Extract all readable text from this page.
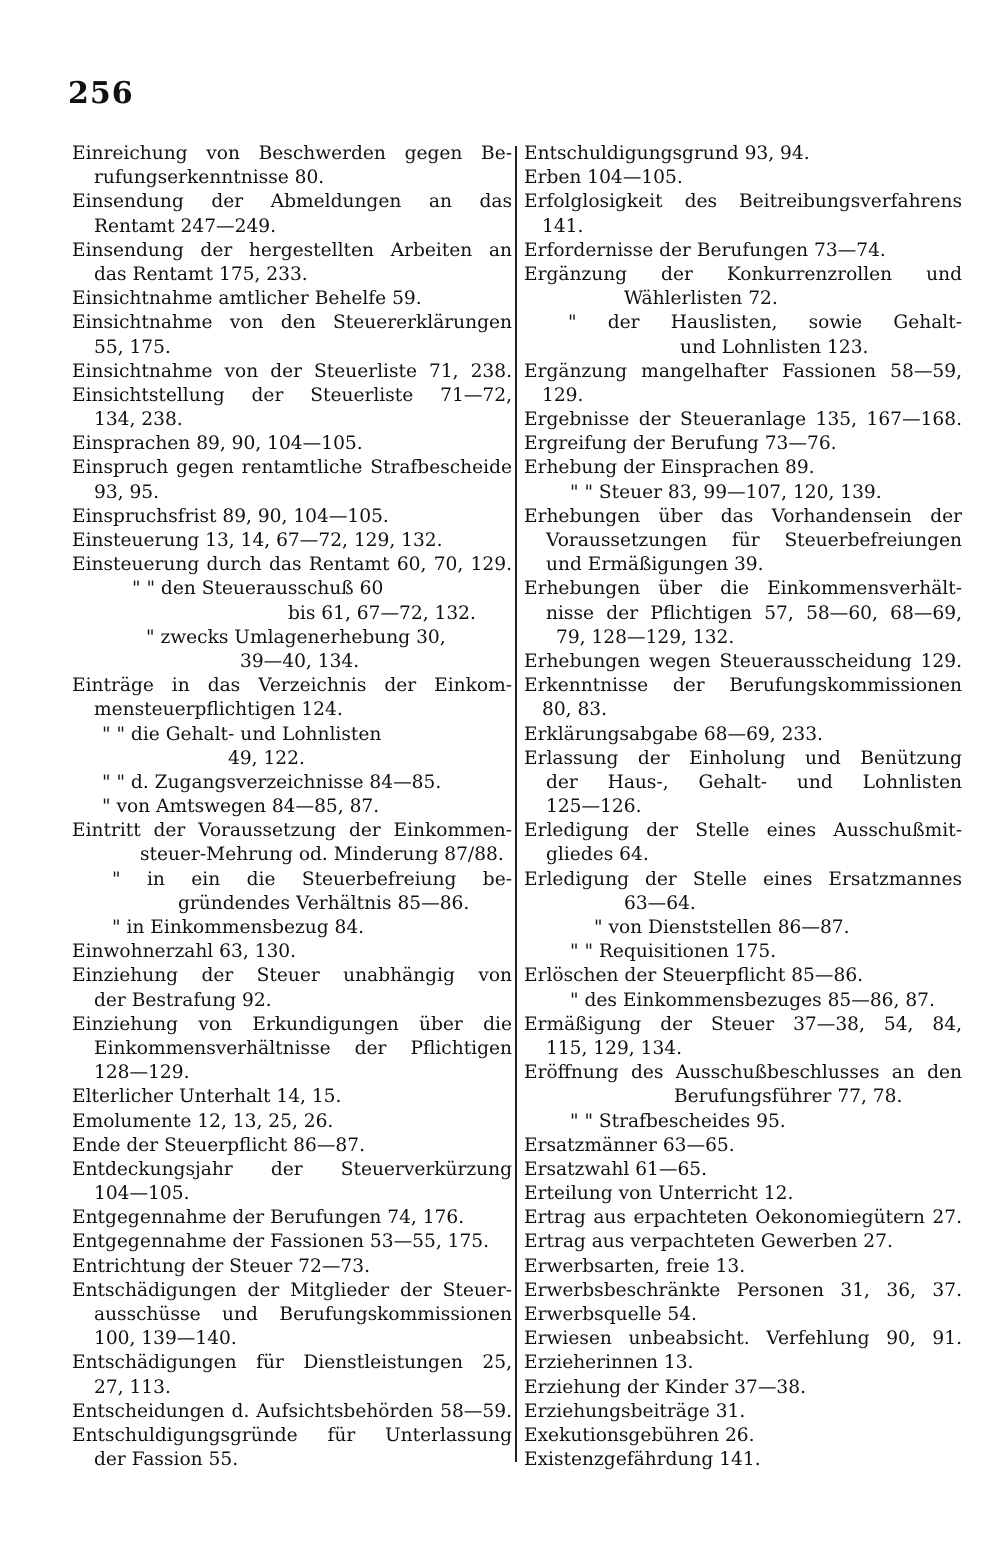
256
Einreichung von Beschwerden gegen Be-
rufungserkenntnisse 80.
Einsendung der Abmeldungen an das
Rentamt 247—249.
Einsendung der hergestellten Arbeiten an
das Rentamt 175, 233.
Einsichtnahme amtlicher Behelfe 59.
Einsichtnahme von den Steuererklärungen
55, 175.
Einsichtnahme von der Steuerliste 71, 238.
Einsichtstellung der Steuerliste 71—72,
134, 238.
Einsprachen 89, 90, 104—105.
Einspruch gegen rentamtliche Strafbescheide
93, 95.
Einspruchsfrist 89, 90, 104—105.
Einsteuerung 13, 14, 67—72, 129, 132.
Einsteuerung durch das Rentamt 60, 70, 129.
" " den Steuerausschuß 60
bis 61, 67—72, 132.
" zwecks Umlagenerhebung 30,
39—40, 134.
Einträge in das Verzeichnis der Einkom-
mensteuerpflichtigen 124.
" " die Gehalt- und Lohnlisten
49, 122.
" " d. Zugangsverzeichnisse 84—85.
" von Amtswegen 84—85, 87.
Eintritt der Voraussetzung der Einkommen-
steuer-Mehrung od. Minderung 87/88.
" in ein die Steuerbefreiung be-
gründendes Verhältnis 85—86.
" in Einkommensbezug 84.
Einwohnerzahl 63, 130.
Einziehung der Steuer unabhängig von
der Bestrafung 92.
Einziehung von Erkundigungen über die
Einkommensverhältnisse der Pflichtigen
128—129.
Elterlicher Unterhalt 14, 15.
Emolumente 12, 13, 25, 26.
Ende der Steuerpflicht 86—87.
Entdeckungsjahr der Steuerverkürzung
104—105.
Entgegennahme der Berufungen 74, 176.
Entgegennahme der Fassionen 53—55, 175.
Entrichtung der Steuer 72—73.
Entschädigungen der Mitglieder der Steuer-
ausschüsse und Berufungskommissionen
100, 139—140.
Entschädigungen für Dienstleistungen 25,
27, 113.
Entscheidungen d. Aufsichtsbehörden 58—59.
Entschuldigungsgründe für Unterlassung
der Fassion 55.
Entschuldigungsgrund 93, 94.
Erben 104—105.
Erfolglosigkeit des Beitreibungsverfahrens
141.
Erfordernisse der Berufungen 73—74.
Ergänzung der Konkurrenzrollen und
Wählerlisten 72.
" der Hauslisten, sowie Gehalt-
und Lohnlisten 123.
Ergänzung mangelhafter Fassionen 58—59,
129.
Ergebnisse der Steueranlage 135, 167—168.
Ergreifung der Berufung 73—76.
Erhebung der Einsprachen 89.
" " Steuer 83, 99—107, 120, 139.
Erhebungen über das Vorhandensein der
Voraussetzungen für Steuerbefreiungen
und Ermäßigungen 39.
Erhebungen über die Einkommensverhält-
nisse der Pflichtigen 57, 58—60, 68—69,
79, 128—129, 132.
Erhebungen wegen Steuerausscheidung 129.
Erkenntnisse der Berufungskommissionen
80, 83.
Erklärungsabgabe 68—69, 233.
Erlassung der Einholung und Benützung
der Haus-, Gehalt- und Lohnlisten
125—126.
Erledigung der Stelle eines Ausschußmit-
gliedes 64.
Erledigung der Stelle eines Ersatzmannes
63—64.
" von Dienststellen 86—87.
" " Requisitionen 175.
Erlöschen der Steuerpflicht 85—86.
" des Einkommensbezuges 85—86, 87.
Ermäßigung der Steuer 37—38, 54, 84,
115, 129, 134.
Eröffnung des Ausschußbeschlusses an den
Berufungsführer 77, 78.
" " Strafbescheides 95.
Ersatzmänner 63—65.
Ersatzwahl 61—65.
Erteilung von Unterricht 12.
Ertrag aus erpachteten Oekonomiegütern 27.
Ertrag aus verpachteten Gewerben 27.
Erwerbsarten, freie 13.
Erwerbsbeschränkte Personen 31, 36, 37.
Erwerbsquelle 54.
Erwiesen unbeabsicht. Verfehlung 90, 91.
Erzieherinnen 13.
Erziehung der Kinder 37—38.
Erziehungsbeiträge 31.
Exekutionsgebühren 26.
Existenzgefährdung 141.
